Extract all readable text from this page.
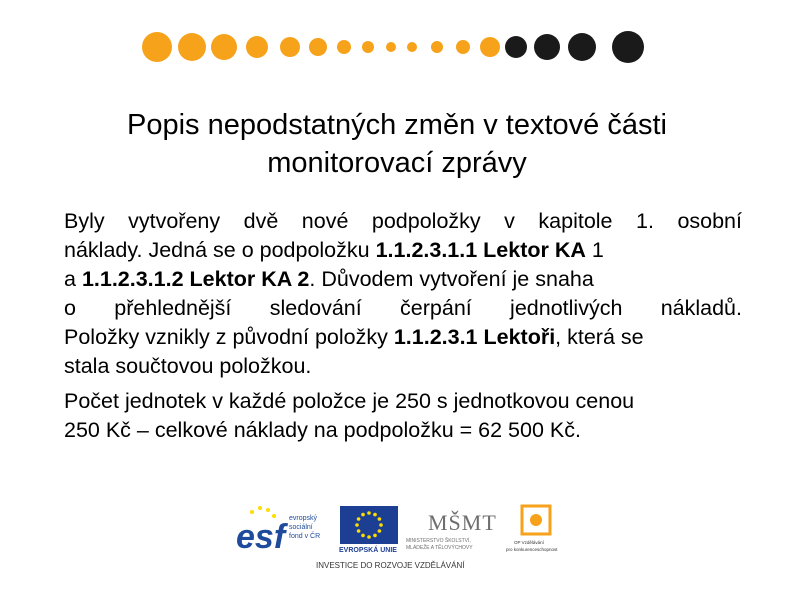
Popis nepodstatných změn v textové části
monitorovací zprávy
Byly vytvořeny dvě nové podpoložky v kapitole 1. osobní
náklady. Jedná se o podpoložku 1.1.2.3.1.1 Lektor KA 1
a 1.1.2.3.1.2 Lektor KA 2. Důvodem vytvoření je snaha
o přehlednější sledování čerpání jednotlivých nákladů.
Položky vznikly z původní položky 1.1.2.3.1 Lektoři, která se
stala součtovou položkou.
Počet jednotek v každé položce je 250 s jednotkovou cenou
250 Kč – celkové náklady na podpoložku = 62 500 Kč.
esf evropský
sociální
fond v ČR
EVROPSKÁ UNIE
MŠMT
MINISTERSTVO ŠKOLSTVÍ,
MLÁDEŽE A TĚLOVÝCHOVY
OP Vzdělávání
pro konkurenceschopnost
INVESTICE DO ROZVOJE VZDĚLÁVÁNÍ
